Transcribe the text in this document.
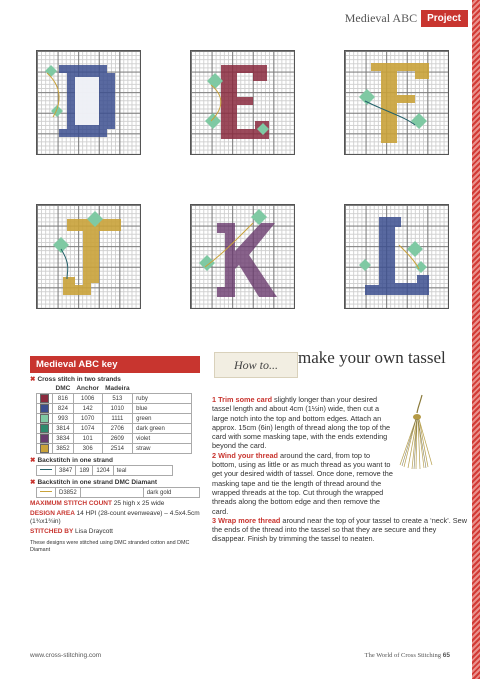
Medieval ABC	Project
Medieval ABC key
✖ Cross stitch in two strands
	DMC	Anchor	Madeira	
	816	1006	513	ruby
	824	142	1010	blue
	993	1070	1111	green
	3814	1074	2706	dark green
	3834	101	2609	violet
	3852	306	2514	straw
✖ Backstitch in one strand
	3847	189	1204	teal
✖ Backstitch in one strand DMC Diamant
	D3852		dark gold
MAXIMUM STITCH COUNT 25 high x 25 wide
DESIGN AREA 14 HPI (28-count evenweave) – 4.5x4.5cm (1¾x1¾in)
STITCHED BY Lisa Draycott
These designs were stitched using DMC stranded cotton and DMC Diamant
How to...	make your own tassel
1 Trim some card slightly longer than your desired tassel length and about 4cm (1½in) wide, then cut a large notch into the top and bottom edges. Attach an approx. 15cm (6in) length of thread along the top of the card with some masking tape, with the ends extending beyond the card.
2 Wind your thread around the card, from top to bottom, using as little or as much thread as you want to get your desired width of tassel. Once done, remove the masking tape and tie the length of thread around the wrapped threads at the top. Cut through the wrapped threads along the bottom edge and then remove the card.
3 Wrap more thread around near the top of your tassel to create a ‘neck’. Sew the ends of the thread into the tassel so that they are secure and they disappear. Finish by trimming the tassel to neaten.
www.cross-stitching.com	The World of Cross Stitching 65
